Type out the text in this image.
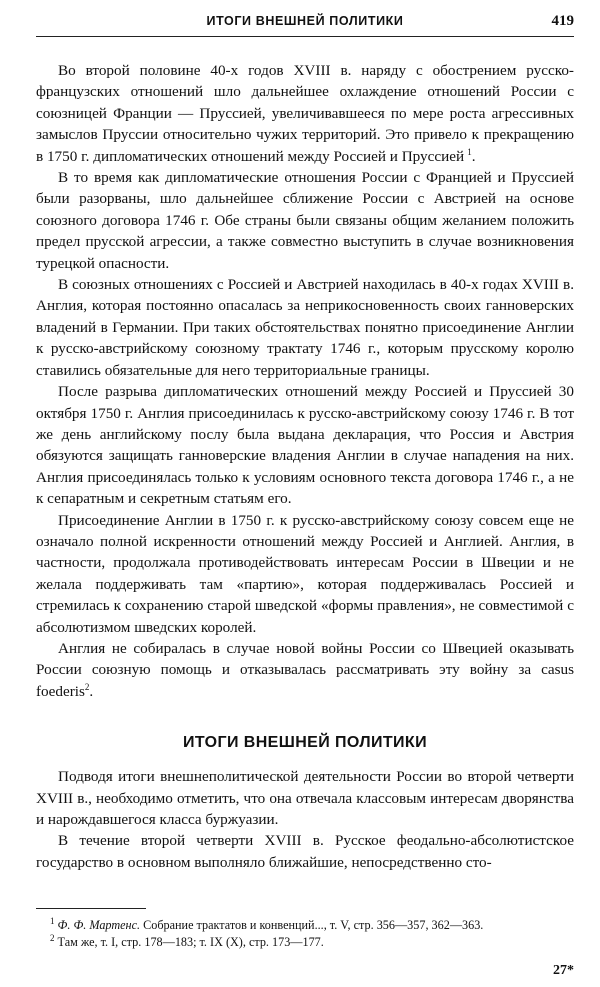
ИТОГИ ВНЕШНЕЙ ПОЛИТИКИ	419

Во второй половине 40-х годов XVIII в. наряду с обострением русско-французских отношений шло дальнейшее охлаждение отношений России с союзницей Франции — Пруссией, увеличивавшееся по мере роста агрессивных замыслов Пруссии относительно чужих территорий. Это привело к прекращению в 1750 г. дипломатических отношений между Россией и Пруссией  $^1$.

В то время как дипломатические отношения России с Францией и Пруссией были разорваны, шло дальнейшее сближение России с Австрией на основе союзного договора 1746 г. Обе страны были связаны общим желанием положить предел прусской агрессии, а также совместно выступить в случае возникновения турецкой опасности.

В союзных отношениях с Россией и Австрией находилась в 40-х годах XVIII в. Англия, которая постоянно опасалась за неприкосновенность своих ганноверских владений в Германии. При таких обстоятельствах понятно присоединение Англии к русско-австрийскому союзному трактату 1746 г., которым прусскому королю ставились обязательные для него территориальные границы.

После разрыва дипломатических отношений между Россией и Пруссией 30 октября 1750 г. Англия присоединилась к русско-австрийскому союзу 1746 г. В тот же день английскому послу была выдана декларация, что Россия и Австрия обязуются защищать ганноверские владения Англии в случае нападения на них. Англия присоединялась только к условиям основного текста договора 1746 г., а не к сепаратным и секретным статьям его.

Присоединение Англии в 1750 г. к русско-австрийскому союзу совсем еще не означало полной искренности отношений между Россией и Англией. Англия, в частности, продолжала противодействовать интересам России в Швеции и не желала поддерживать там «партию», которая поддерживалась Россией и стремилась к сохранению старой шведской «формы правления», не совместимой с абсолютизмом шведских королей.

Англия не собиралась в случае новой войны России со Швецией оказывать России союзную помощь и отказывалась рассматривать эту войну за casus foederis$^2$.

ИТОГИ ВНЕШНЕЙ ПОЛИТИКИ

Подводя итоги внешнеполитической деятельности России во второй четверти XVIII в., необходимо отметить, что она отвечала классовым интересам дворянства и нарождавшегося класса буржуазии.

В течение второй четверти XVIII в. Русское феодально-абсолютистское государство в основном выполняло ближайшие, непосредственно сто-

$^1$ Ф. Ф. Мартенс. Собрание трактатов и конвенций..., т. V, стр. 356—357, 362—363.

$^2$ Там же, т. I, стр. 178—183; т. IX (X), стр. 173—177.

27*
